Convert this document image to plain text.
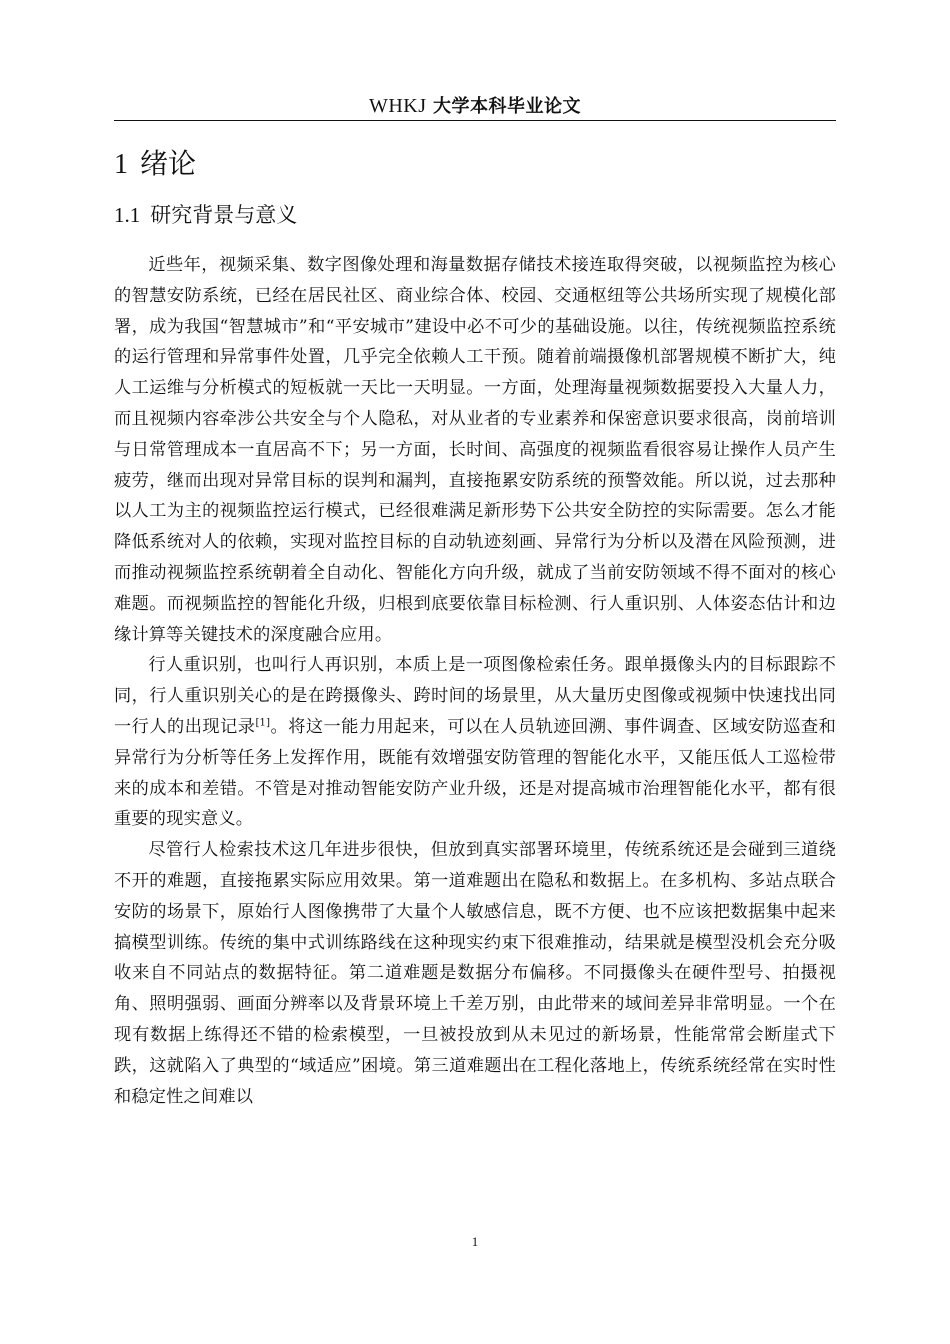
WHKJ 大学本科毕业论文
1 绪论
1.1 研究背景与意义

近些年，视频采集、数字图像处理和海量数据存储技术接连取得突破，以视频监控为核心的智慧安防系统，已经在居民社区、商业综合体、校园、交通枢纽等公共场所实现了规模化部署，成为我国“智慧城市”和“平安城市”建设中必不可少的基础设施。以往，传统视频监控系统的运行管理和异常事件处置，几乎完全依赖人工干预。随着前端摄像机部署规模不断扩大，纯人工运维与分析模式的短板就一天比一天明显。一方面，处理海量视频数据要投入大量人力，而且视频内容牵涉公共安全与个人隐私，对从业者的专业素养和保密意识要求很高，岗前培训与日常管理成本一直居高不下；另一方面，长时间、高强度的视频监看很容易让操作人员产生疲劳，继而出现对异常目标的误判和漏判，直接拖累安防系统的预警效能。所以说，过去那种以人工为主的视频监控运行模式，已经很难满足新形势下公共安全防控的实际需要。怎么才能降低系统对人的依赖，实现对监控目标的自动轨迹刻画、异常行为分析以及潜在风险预测，进而推动视频监控系统朝着全自动化、智能化方向升级，就成了当前安防领域不得不面对的核心难题。而视频监控的智能化升级，归根到底要依靠目标检测、行人重识别、人体姿态估计和边缘计算等关键技术的深度融合应用。

行人重识别，也叫行人再识别，本质上是一项图像检索任务。跟单摄像头内的目标跟踪不同，行人重识别关心的是在跨摄像头、跨时间的场景里，从大量历史图像或视频中快速找出同一行人的出现记录[1]。将这一能力用起来，可以在人员轨迹回溯、事件调查、区域安防巡查和异常行为分析等任务上发挥作用，既能有效增强安防管理的智能化水平，又能压低人工巡检带来的成本和差错。不管是对推动智能安防产业升级，还是对提高城市治理智能化水平，都有很重要的现实意义。

尽管行人检索技术这几年进步很快，但放到真实部署环境里，传统系统还是会碰到三道绕不开的难题，直接拖累实际应用效果。第一道难题出在隐私和数据上。在多机构、多站点联合安防的场景下，原始行人图像携带了大量个人敏感信息，既不方便、也不应该把数据集中起来搞模型训练。传统的集中式训练路线在这种现实约束下很难推动，结果就是模型没机会充分吸收来自不同站点的数据特征。第二道难题是数据分布偏移。不同摄像头在硬件型号、拍摄视角、照明强弱、画面分辨率以及背景环境上千差万别，由此带来的域间差异非常明显。一个在现有数据上练得还不错的检索模型，一旦被投放到从未见过的新场景，性能常常会断崖式下跌，这就陷入了典型的“域适应”困境。第三道难题出在工程化落地上，传统系统经常在实时性和稳定性之间难以

1
